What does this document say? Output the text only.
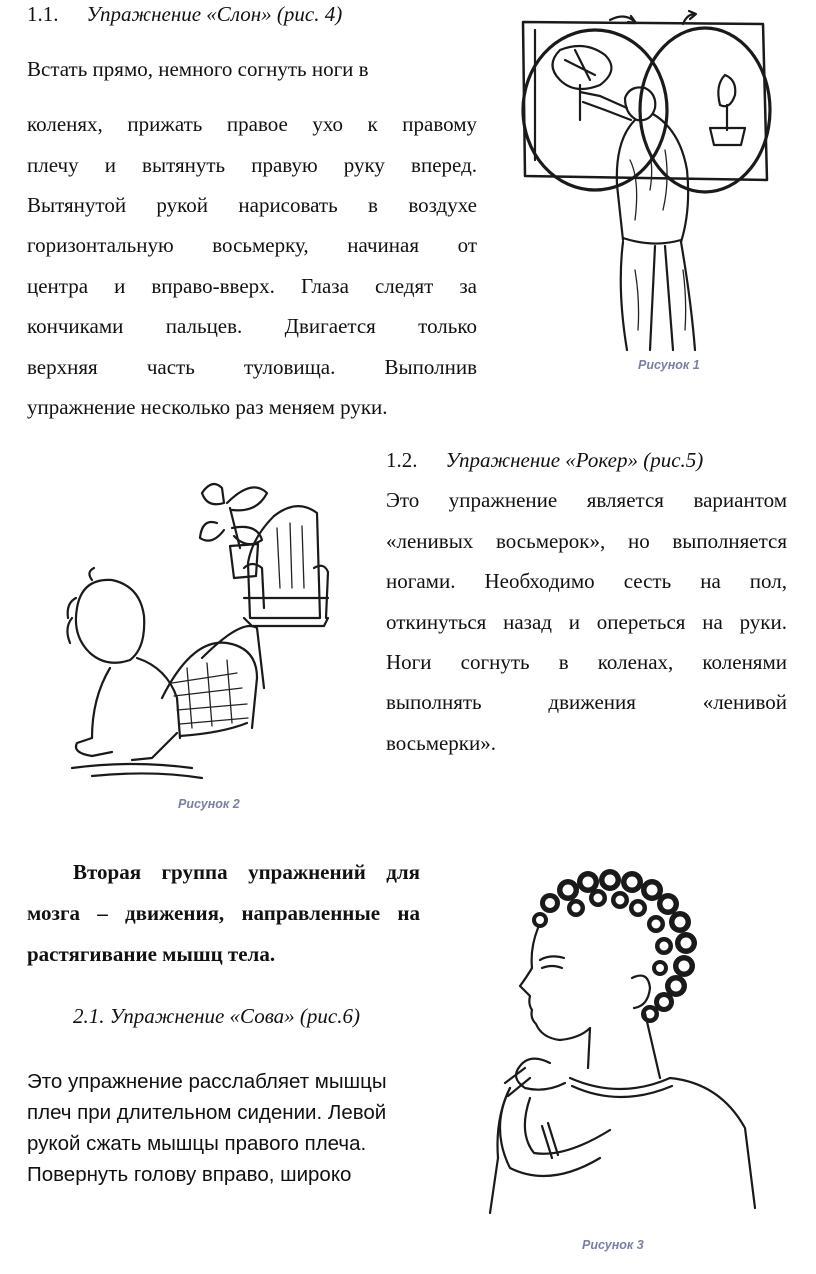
1.1. Упражнение «Слон» (рис. 4)
Встать прямо, немного согнуть ноги в
коленях, прижать правое ухо к правому
плечу и вытянуть правую руку вперед.
Вытянутой рукой нарисовать в воздухе
горизонтальную восьмерку, начиная от
центра и вправо-вверх. Глаза следят за
кончиками пальцев. Двигается только
верхняя часть туловища. Выполнив
упражнение несколько раз меняем руки.
Рисунок 1
1.2. Упражнение «Рокер» (рис.5)
Это упражнение является вариантом
«ленивых восьмерок», но выполняется
ногами. Необходимо сесть на пол,
откинуться назад и опереться на руки.
Ноги согнуть в коленах, коленями
выполнять движения «ленивой
восьмерки».
Рисунок 2
Вторая группа упражнений для
мозга – движения, направленные на
растягивание мышц тела.
2.1. Упражнение «Сова» (рис.6)
Это упражнение расслабляет мышцы
плеч при длительном сидении. Левой
рукой сжать мышцы правого плеча.
Повернуть голову вправо, широко
Рисунок 3
